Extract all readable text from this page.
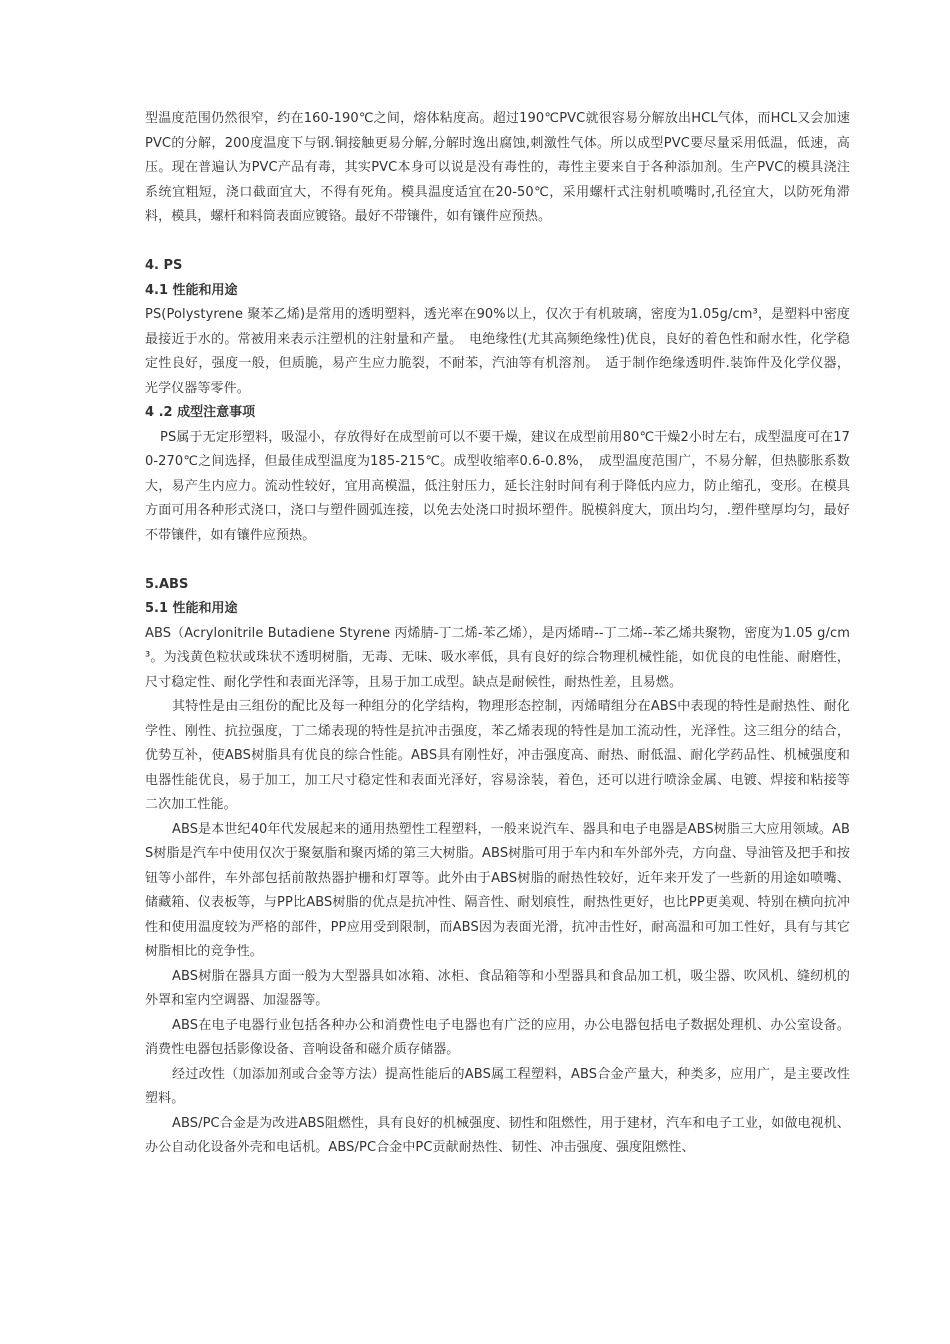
型温度范围仍然很窄，约在160-190℃之间，熔体粘度高。超过190℃PVC就很容易分解放出HCL气体，而HCL又会加速PVC的分解，200度温度下与钢.铜接触更易分解,分解时逸出腐蚀,刺激性气体。所以成型PVC要尽量采用低温，低速，高压。现在普遍认为PVC产品有毒，其实PVC本身可以说是没有毒性的，毒性主要来自于各种添加剂。生产PVC的模具浇注系统宜粗短，浇口截面宜大，不得有死角。模具温度适宜在20-50℃，采用螺杆式注射机喷嘴时,孔径宜大，以防死角滞料，模具，螺杆和料筒表面应镀铬。最好不带镶件，如有镶件应预热。

4. PS

4.1 性能和用途

PS(Polystyrene 聚苯乙烯)是常用的透明塑料，透光率在90%以上，仅次于有机玻璃，密度为1.05g/cm³，是塑料中密度最接近于水的。常被用来表示注塑机的注射量和产量。　电绝缘性(尤其高频绝缘性)优良，良好的着色性和耐水性，化学稳定性良好，强度一般，但质脆，易产生应力脆裂，不耐苯，汽油等有机溶剂。　适于制作绝缘透明件.装饰件及化学仪器，光学仪器等零件。

4 .2 成型注意事项

PS属于无定形塑料，吸湿小，存放得好在成型前可以不要干燥，建议在成型前用80℃干燥2小时左右，成型温度可在170-270℃之间选择，但最佳成型温度为185-215℃。成型收缩率0.6-0.8%，　成型温度范围广，不易分解，但热膨胀系数大，易产生内应力。流动性较好，宜用高模温，低注射压力，延长注射时间有利于降低内应力，防止缩孔，变形。在模具方面可用各种形式浇口，浇口与塑件圆弧连接，以免去处浇口时损坏塑件。脱模斜度大，顶出均匀，.塑件壁厚均匀，最好不带镶件，如有镶件应预热。

5.ABS

5.1 性能和用途

ABS（Acrylonitrile Butadiene Styrene 丙烯腈-丁二烯-苯乙烯），是丙烯晴--丁二烯--苯乙烯共聚物，密度为1.05 g/cm³。为浅黄色粒状或珠状不透明树脂，无毒、无味、吸水率低，具有良好的综合物理机械性能，如优良的电性能、耐磨性，尺寸稳定性、耐化学性和表面光泽等，且易于加工成型。缺点是耐候性，耐热性差，且易燃。

其特性是由三组份的配比及每一种组分的化学结构，物理形态控制，丙烯晴组分在ABS中表现的特性是耐热性、耐化学性、刚性、抗拉强度，丁二烯表现的特性是抗冲击强度，苯乙烯表现的特性是加工流动性，光泽性。这三组分的结合，优势互补，使ABS树脂具有优良的综合性能。ABS具有刚性好，冲击强度高、耐热、耐低温、耐化学药品性、机械强度和电器性能优良，易于加工，加工尺寸稳定性和表面光泽好，容易涂装，着色，还可以进行喷涂金属、电镀、焊接和粘接等二次加工性能。

ABS是本世纪40年代发展起来的通用热塑性工程塑料，一般来说汽车、器具和电子电器是ABS树脂三大应用领域。ABS树脂是汽车中使用仅次于聚氨脂和聚丙烯的第三大树脂。ABS树脂可用于车内和车外部外壳，方向盘、导油管及把手和按钮等小部件，车外部包括前散热器护栅和灯罩等。此外由于ABS树脂的耐热性较好，近年来开发了一些新的用途如喷嘴、储藏箱、仪表板等，与PP比ABS树脂的优点是抗冲性、隔音性、耐划痕性，耐热性更好，也比PP更美观、特别在横向抗冲性和使用温度较为严格的部件，PP应用受到限制，而ABS因为表面光滑，抗冲击性好，耐高温和可加工性好，具有与其它树脂相比的竞争性。

ABS树脂在器具方面一般为大型器具如冰箱、冰柜、食品箱等和小型器具和食品加工机，吸尘器、吹风机、缝纫机的外罩和室内空调器、加湿器等。

ABS在电子电器行业包括各种办公和消费性电子电器也有广泛的应用，办公电器包括电子数据处理机、办公室设备。消费性电器包括影像设备、音响设备和磁介质存储器。

经过改性（加添加剂或合金等方法）提高性能后的ABS属工程塑料，ABS合金产量大，种类多，应用广，是主要改性塑料。

ABS/PC合金是为改进ABS阻燃性，具有良好的机械强度、韧性和阻燃性，用于建材，汽车和电子工业，如做电视机、办公自动化设备外壳和电话机。ABS/PC合金中PC贡献耐热性、韧性、冲击强度、强度阻燃性、
